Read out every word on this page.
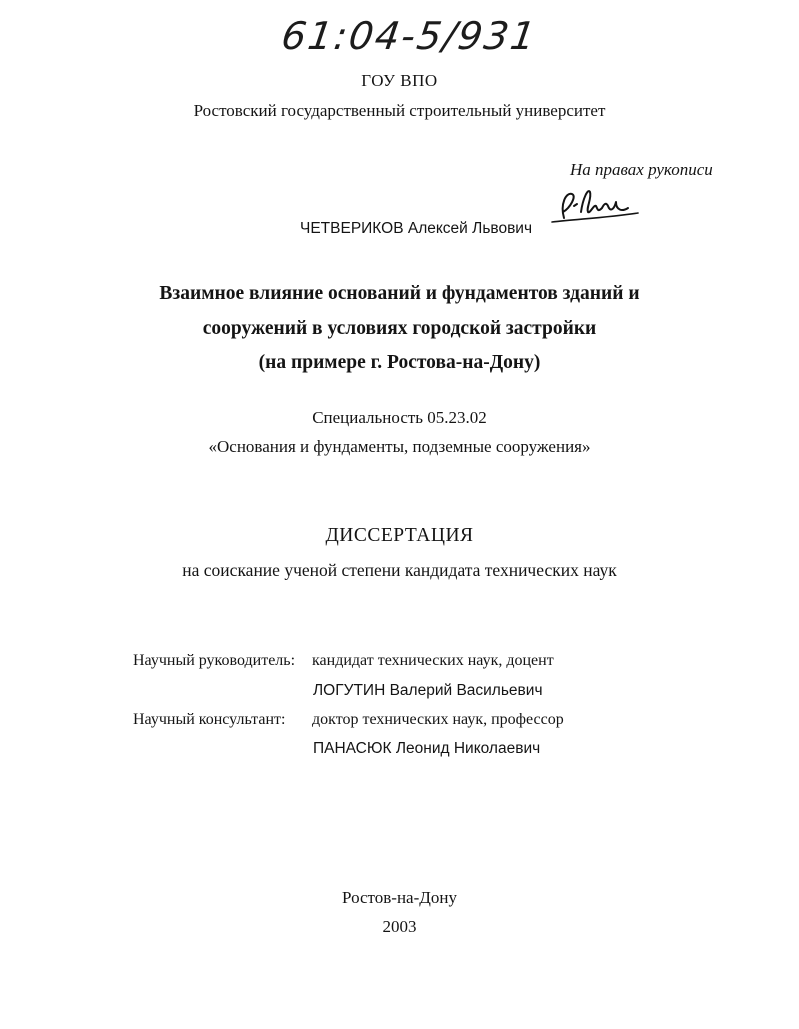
61:04-5/931
ГОУ ВПО
Ростовский государственный строительный университет
На правах рукописи
ЧЕТВЕРИКОВ Алексей Львович
Взаимное влияние оснований и фундаментов зданий и
сооружений в условиях городской застройки
(на примере г. Ростова-на-Дону)
Специальность 05.23.02
«Основания и фундаменты, подземные сооружения»
ДИССЕРТАЦИЯ
на соискание ученой степени кандидата технических наук
Научный руководитель: кандидат технических наук, доцент
ЛОГУТИН Валерий Васильевич
Научный консультант: доктор технических наук, профессор
ПАНАСЮК Леонид Николаевич
Ростов-на-Дону
2003
